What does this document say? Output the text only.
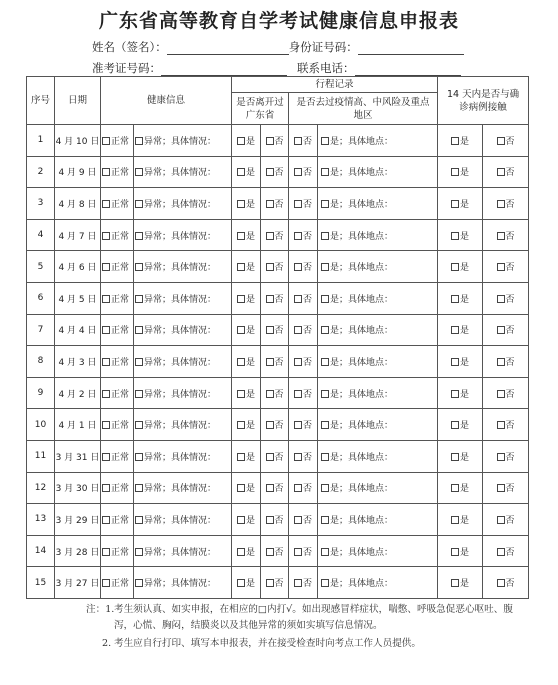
广东省高等教育自学考试健康信息申报表
姓名（签名）：	身份证号码：
准考证号码：	联系电话：
序号	日期	健康信息		行程记录				14 天内是否与确诊病例接触	
				是否离开过广东省		是否去过疫情高、中风险及重点地区			
1	4 月 10 日	正常	异常；具体情况：	是	否	否	是；具体地点：	是	否
2	4 月 9 日	正常	异常；具体情况：	是	否	否	是；具体地点：	是	否
3	4 月 8 日	正常	异常；具体情况：	是	否	否	是；具体地点：	是	否
4	4 月 7 日	正常	异常；具体情况：	是	否	否	是；具体地点：	是	否
5	4 月 6 日	正常	异常；具体情况：	是	否	否	是；具体地点：	是	否
6	4 月 5 日	正常	异常；具体情况：	是	否	否	是；具体地点：	是	否
7	4 月 4 日	正常	异常；具体情况：	是	否	否	是；具体地点：	是	否
8	4 月 3 日	正常	异常；具体情况：	是	否	否	是；具体地点：	是	否
9	4 月 2 日	正常	异常；具体情况：	是	否	否	是；具体地点：	是	否
10	4 月 1 日	正常	异常；具体情况：	是	否	否	是；具体地点：	是	否
11	3 月 31 日	正常	异常；具体情况：	是	否	否	是；具体地点：	是	否
12	3 月 30 日	正常	异常；具体情况：	是	否	否	是；具体地点：	是	否
13	3 月 29 日	正常	异常；具体情况：	是	否	否	是；具体地点：	是	否
14	3 月 28 日	正常	异常；具体情况：	是	否	否	是；具体地点：	是	否
15	3 月 27 日	正常	异常；具体情况：	是	否	否	是；具体地点：	是	否
注：1. 考生须认真、如实申报，在相应的□内打√。如出现感冒样症状，喘憋、呼吸急促恶心呕吐、腹泻，心慌、胸闷，结膜炎以及其他异常的须如实填写信息情况。
2. 考生应自行打印、填写本申报表，并在接受检查时向考点工作人员提供。
